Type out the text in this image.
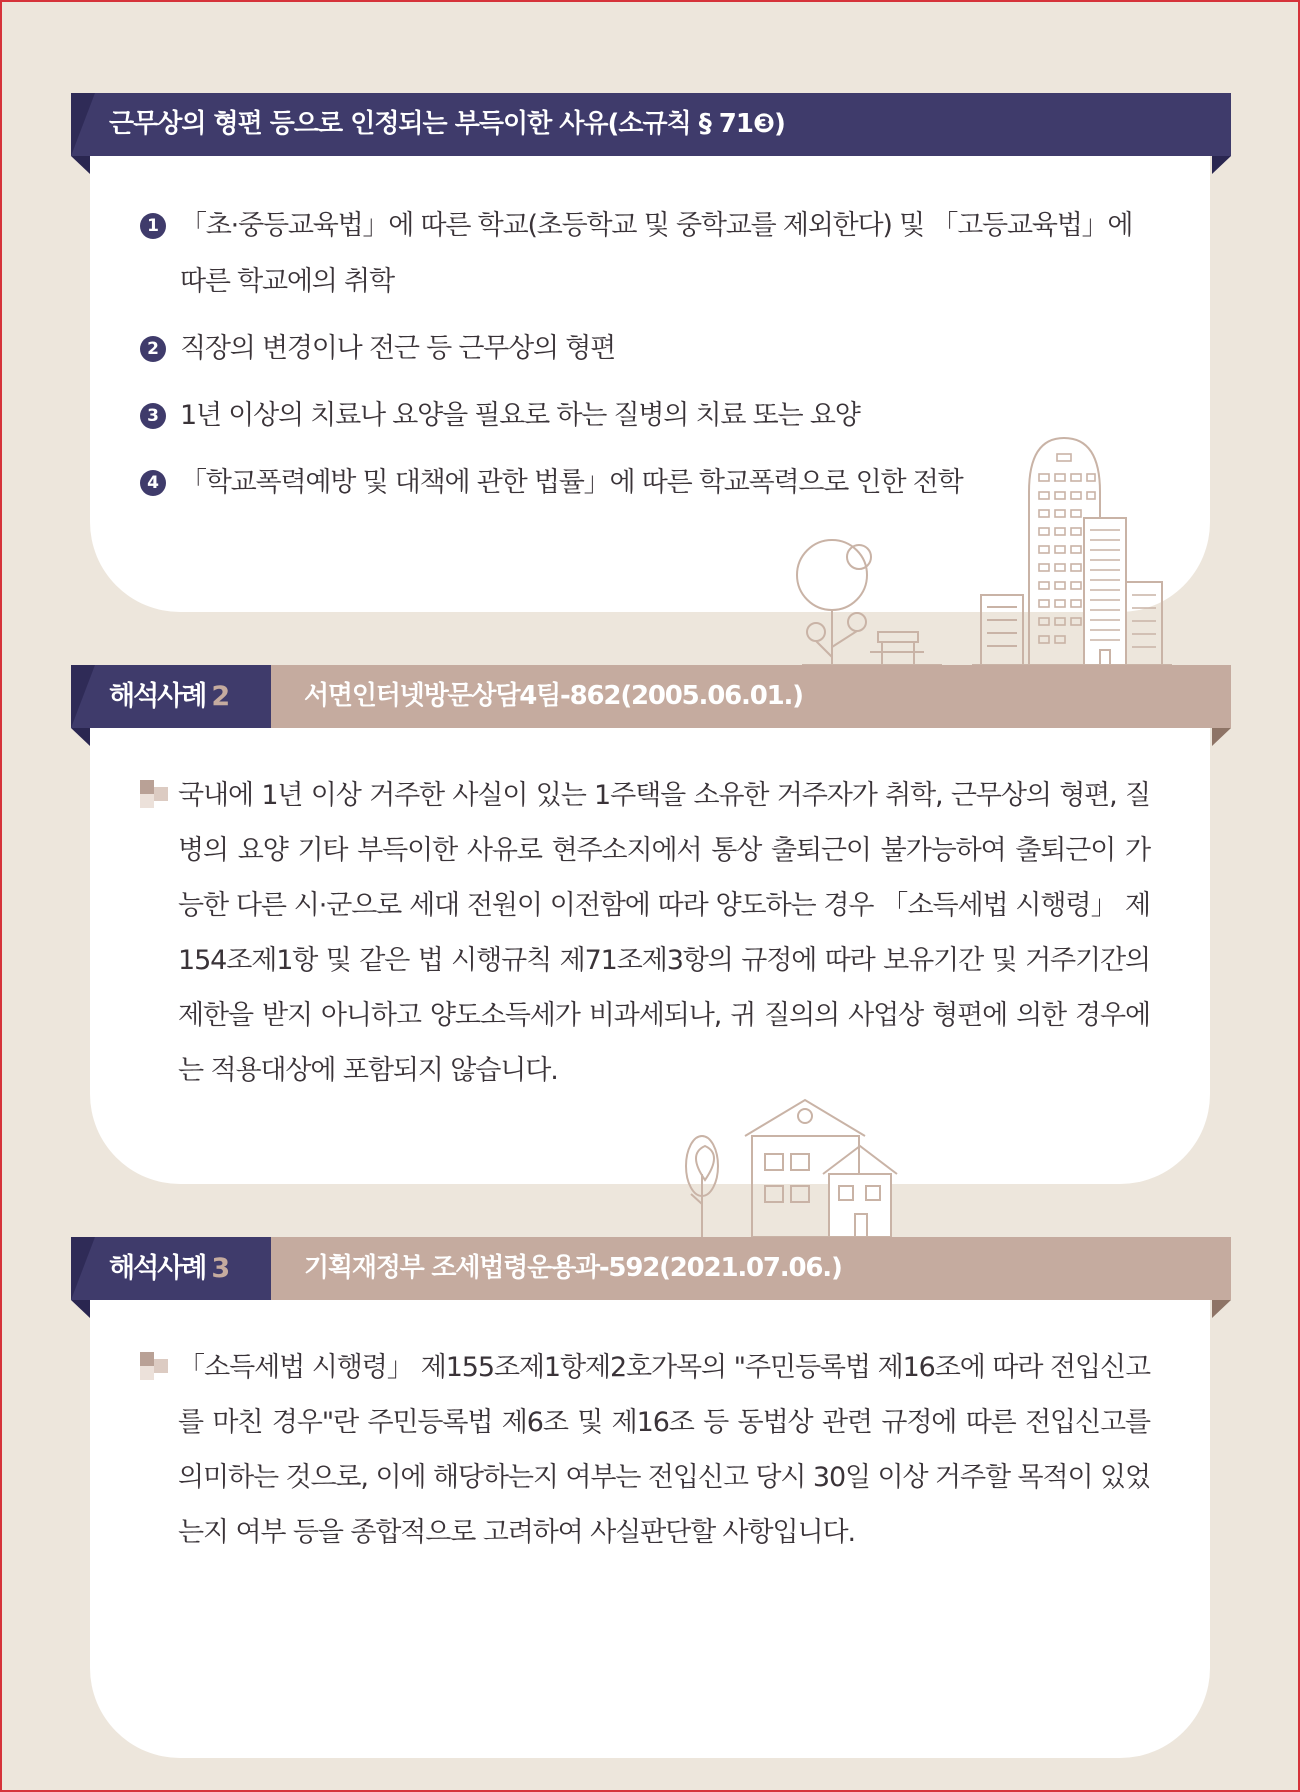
1 「초·중등교육법」에 따른 학교(초등학교 및 중학교를 제외한다) 및 「고등교육법」에 따른 학교에의 취학
2 직장의 변경이나 전근 등 근무상의 형편
3 1년 이상의 치료나 요양을 필요로 하는 질병의 치료 또는 요양
4 「학교폭력예방 및 대책에 관한 법률」에 따른 학교폭력으로 인한 전학
근무상의 형편 등으로 인정되는 부득이한 사유(소규칙 § 71❸)
국내에 1년 이상 거주한 사실이 있는 1주택을 소유한 거주자가 취학, 근무상의 형편, 질병의 요양 기타 부득이한 사유로 현주소지에서 통상 출퇴근이 불가능하여 출퇴근이 가능한 다른 시·군으로 세대 전원이 이전함에 따라 양도하는 경우 「소득세법 시행령」 제154조제1항 및 같은 법 시행규칙 제71조제3항의 규정에 따라 보유기간 및 거주기간의 제한을 받지 아니하고 양도소득세가 비과세되나, 귀 질의의 사업상 형편에 의한 경우에는 적용대상에 포함되지 않습니다.
해석사례 2	서면인터넷방문상담4팀-862(2005.06.01.)
「소득세법 시행령」 제155조제1항제2호가목의 "주민등록법 제16조에 따라 전입신고를 마친 경우"란 주민등록법 제6조 및 제16조 등 동법상 관련 규정에 따른 전입신고를 의미하는 것으로, 이에 해당하는지 여부는 전입신고 당시 30일 이상 거주할 목적이 있었는지 여부 등을 종합적으로 고려하여 사실판단할 사항입니다.
해석사례 3	기획재정부 조세법령운용과-592(2021.07.06.)
